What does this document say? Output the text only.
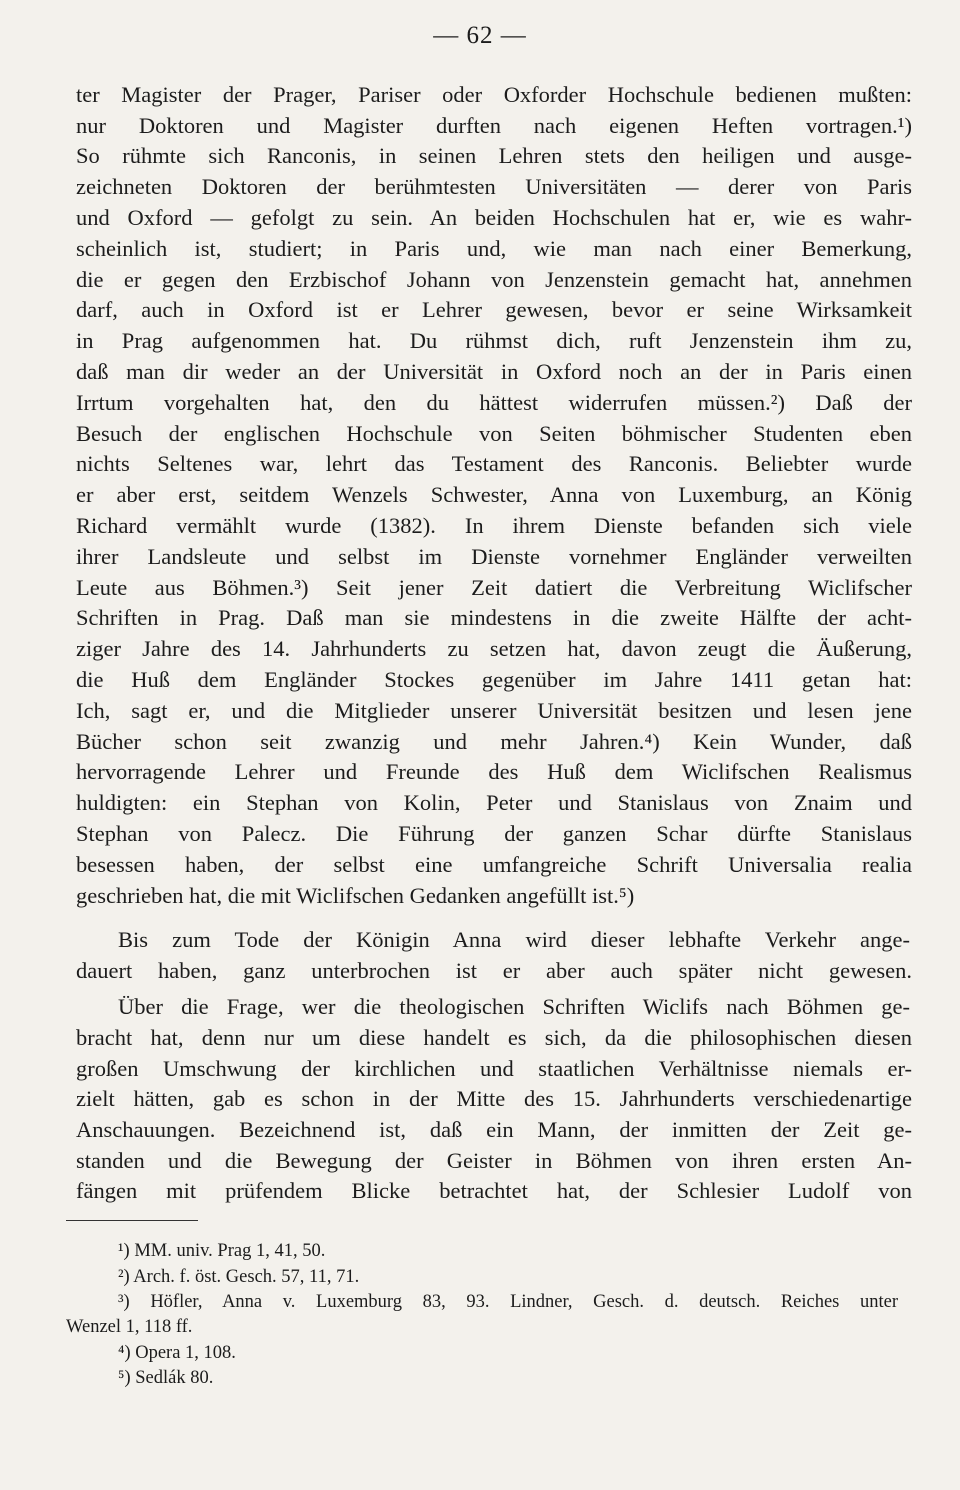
— 62 —
ter Magister der Prager, Pariser oder Oxforder Hochschule bedienen mußten:
nur Doktoren und Magister durften nach eigenen Heften vortragen.¹)
So rühmte sich Ranconis, in seinen Lehren stets den heiligen und ausge-
zeichneten Doktoren der berühmtesten Universitäten — derer von Paris
und Oxford — gefolgt zu sein. An beiden Hochschulen hat er, wie es wahr-
scheinlich ist, studiert; in Paris und, wie man nach einer Bemerkung,
die er gegen den Erzbischof Johann von Jenzenstein gemacht hat, annehmen
darf, auch in Oxford ist er Lehrer gewesen, bevor er seine Wirksamkeit
in Prag aufgenommen hat. Du rühmst dich, ruft Jenzenstein ihm zu,
daß man dir weder an der Universität in Oxford noch an der in Paris einen
Irrtum vorgehalten hat, den du hättest widerrufen müssen.²) Daß der
Besuch der englischen Hochschule von Seiten böhmischer Studenten eben
nichts Seltenes war, lehrt das Testament des Ranconis. Beliebter wurde
er aber erst, seitdem Wenzels Schwester, Anna von Luxemburg, an König
Richard vermählt wurde (1382). In ihrem Dienste befanden sich viele
ihrer Landsleute und selbst im Dienste vornehmer Engländer verweilten
Leute aus Böhmen.³) Seit jener Zeit datiert die Verbreitung Wiclifscher
Schriften in Prag. Daß man sie mindestens in die zweite Hälfte der acht-
ziger Jahre des 14. Jahrhunderts zu setzen hat, davon zeugt die Äußerung,
die Huß dem Engländer Stockes gegenüber im Jahre 1411 getan hat:
Ich, sagt er, und die Mitglieder unserer Universität besitzen und lesen jene
Bücher schon seit zwanzig und mehr Jahren.⁴) Kein Wunder, daß
hervorragende Lehrer und Freunde des Huß dem Wiclifschen Realismus
huldigten: ein Stephan von Kolin, Peter und Stanislaus von Znaim und
Stephan von Palecz. Die Führung der ganzen Schar dürfte Stanislaus
besessen haben, der selbst eine umfangreiche Schrift Universalia realia
geschrieben hat, die mit Wiclifschen Gedanken angefüllt ist.⁵)
Bis zum Tode der Königin Anna wird dieser lebhafte Verkehr ange-
dauert haben, ganz unterbrochen ist er aber auch später nicht gewesen.
Über die Frage, wer die theologischen Schriften Wiclifs nach Böhmen ge-
bracht hat, denn nur um diese handelt es sich, da die philosophischen diesen
großen Umschwung der kirchlichen und staatlichen Verhältnisse niemals er-
zielt hätten, gab es schon in der Mitte des 15. Jahrhunderts verschiedenartige
Anschauungen. Bezeichnend ist, daß ein Mann, der inmitten der Zeit ge-
standen und die Bewegung der Geister in Böhmen von ihren ersten An-
fängen mit prüfendem Blicke betrachtet hat, der Schlesier Ludolf von
¹) MM. univ. Prag 1, 41, 50.
²) Arch. f. öst. Gesch. 57, 11, 71.
³) Höfler, Anna v. Luxemburg 83, 93. Lindner, Gesch. d. deutsch. Reiches unter
Wenzel 1, 118 ff.
⁴) Opera 1, 108.
⁵) Sedlák 80.
